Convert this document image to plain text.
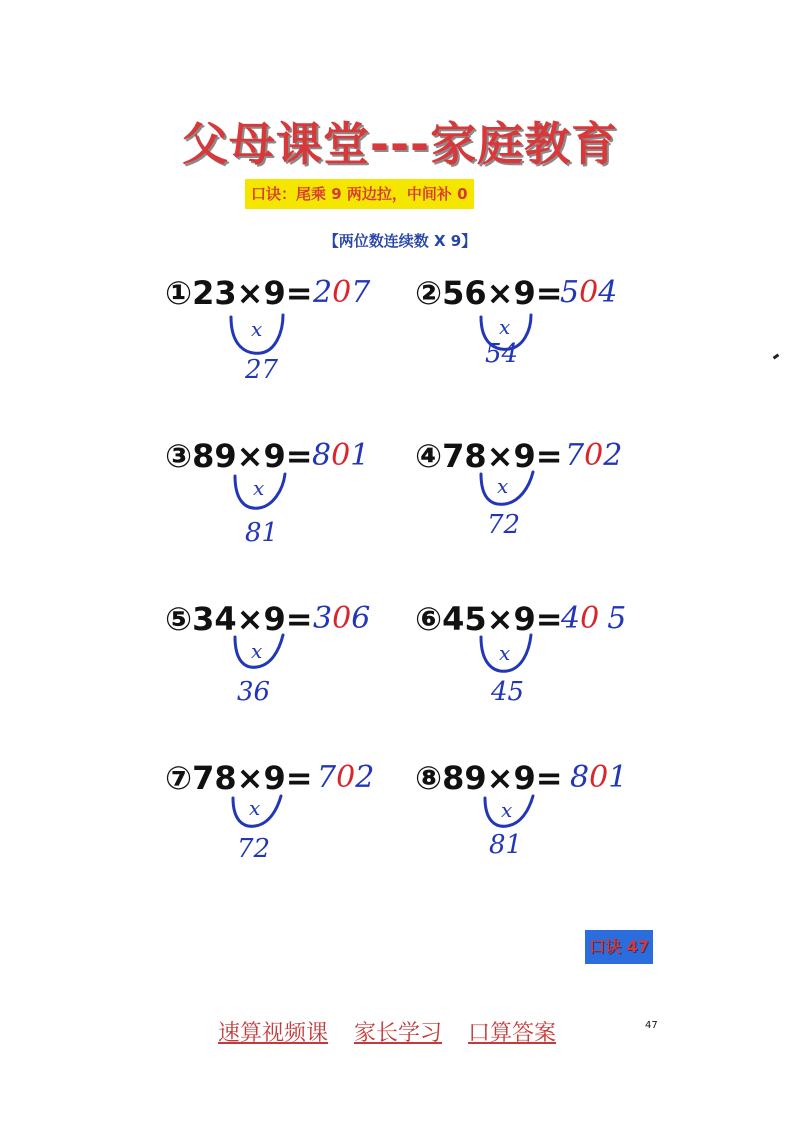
父母课堂---家庭教育
口诀：尾乘 9 两边拉，中间补 0
【两位数连续数 X 9】
①23×9= 207
x
27
②56×9=
504
x
54
③89×9= 801
x
81
④78×9= 702
x
72
⑤34×9= 306
x
36
⑥45×9=
40 5
x
45
⑦78×9= 702
x
72
⑧89×9= 801
x
81
口诀 47
速算视频课 家长学习 口算答案	47
